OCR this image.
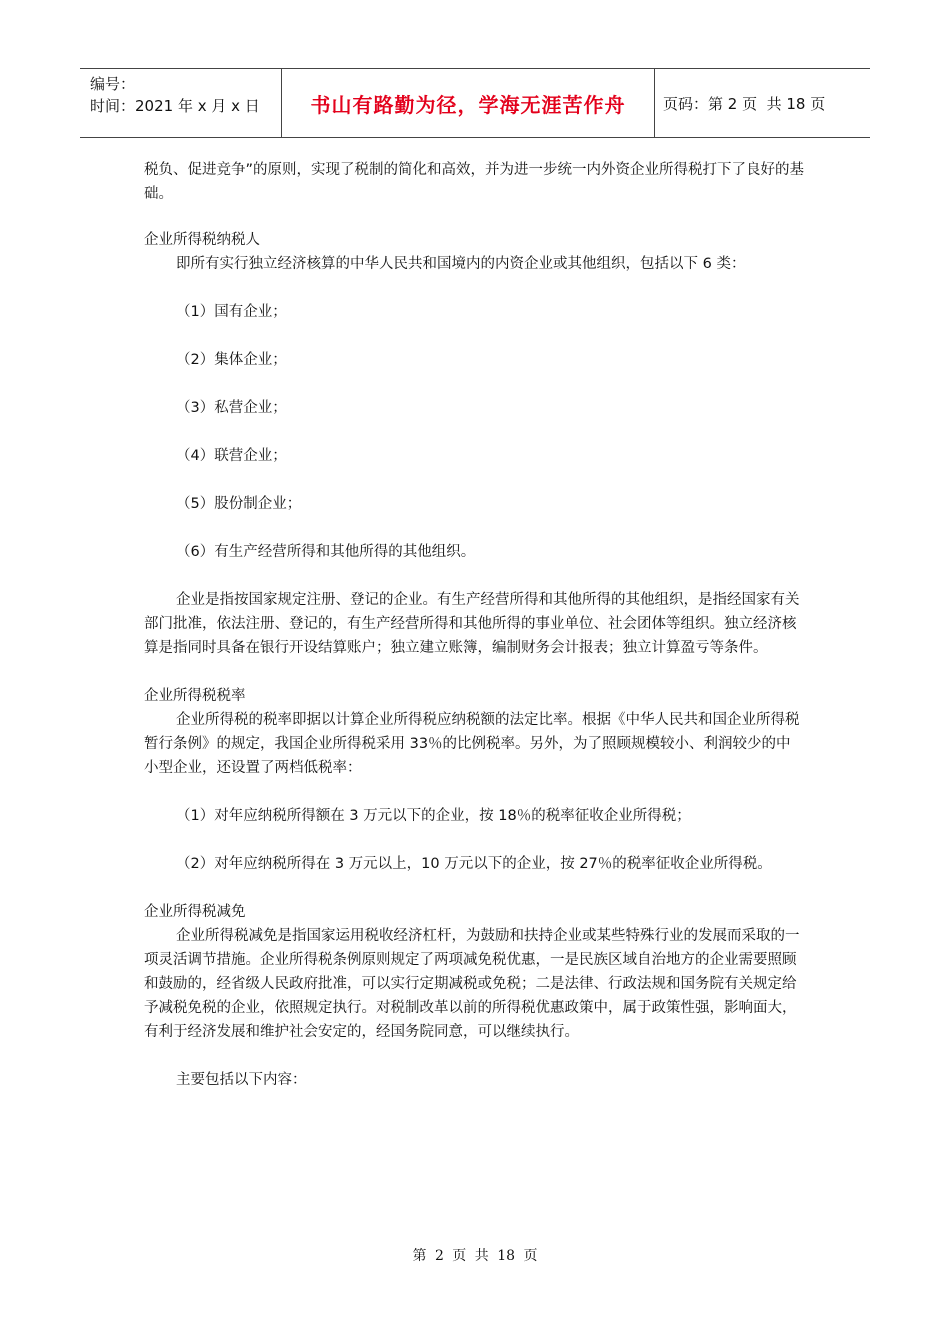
编号：
时间：2021 年 x 月 x 日	书山有路勤为径，学海无涯苦作舟	页码：第 2 页  共 18 页

税负、促进竞争”的原则，实现了税制的简化和高效，并为进一步统一内外资企业所得税打下了良好的基础。

企业所得税纳税人

即所有实行独立经济核算的中华人民共和国境内的内资企业或其他组织，包括以下 6 类：

（1）国有企业；

（2）集体企业；

（3）私营企业；

（4）联营企业；

（5）股份制企业；

（6）有生产经营所得和其他所得的其他组织。

企业是指按国家规定注册、登记的企业。有生产经营所得和其他所得的其他组织，是指经国家有关部门批准，依法注册、登记的，有生产经营所得和其他所得的事业单位、社会团体等组织。独立经济核算是指同时具备在银行开设结算账户；独立建立账簿，编制财务会计报表；独立计算盈亏等条件。

企业所得税税率

企业所得税的税率即据以计算企业所得税应纳税额的法定比率。根据《中华人民共和国企业所得税暂行条例》的规定，我国企业所得税采用 33％的比例税率。另外，为了照顾规模较小、利润较少的中小型企业，还设置了两档低税率：

（1）对年应纳税所得额在 3 万元以下的企业，按 18％的税率征收企业所得税；

（2）对年应纳税所得在 3 万元以上，10 万元以下的企业，按 27％的税率征收企业所得税。

企业所得税减免

企业所得税减免是指国家运用税收经济杠杆，为鼓励和扶持企业或某些特殊行业的发展而采取的一项灵活调节措施。企业所得税条例原则规定了两项减免税优惠，一是民族区域自治地方的企业需要照顾和鼓励的，经省级人民政府批准，可以实行定期减税或免税；二是法律、行政法规和国务院有关规定给予减税免税的企业，依照规定执行。对税制改革以前的所得税优惠政策中，属于政策性强，影响面大，有利于经济发展和维护社会安定的，经国务院同意，可以继续执行。

主要包括以下内容：

第 2 页 共 18 页
